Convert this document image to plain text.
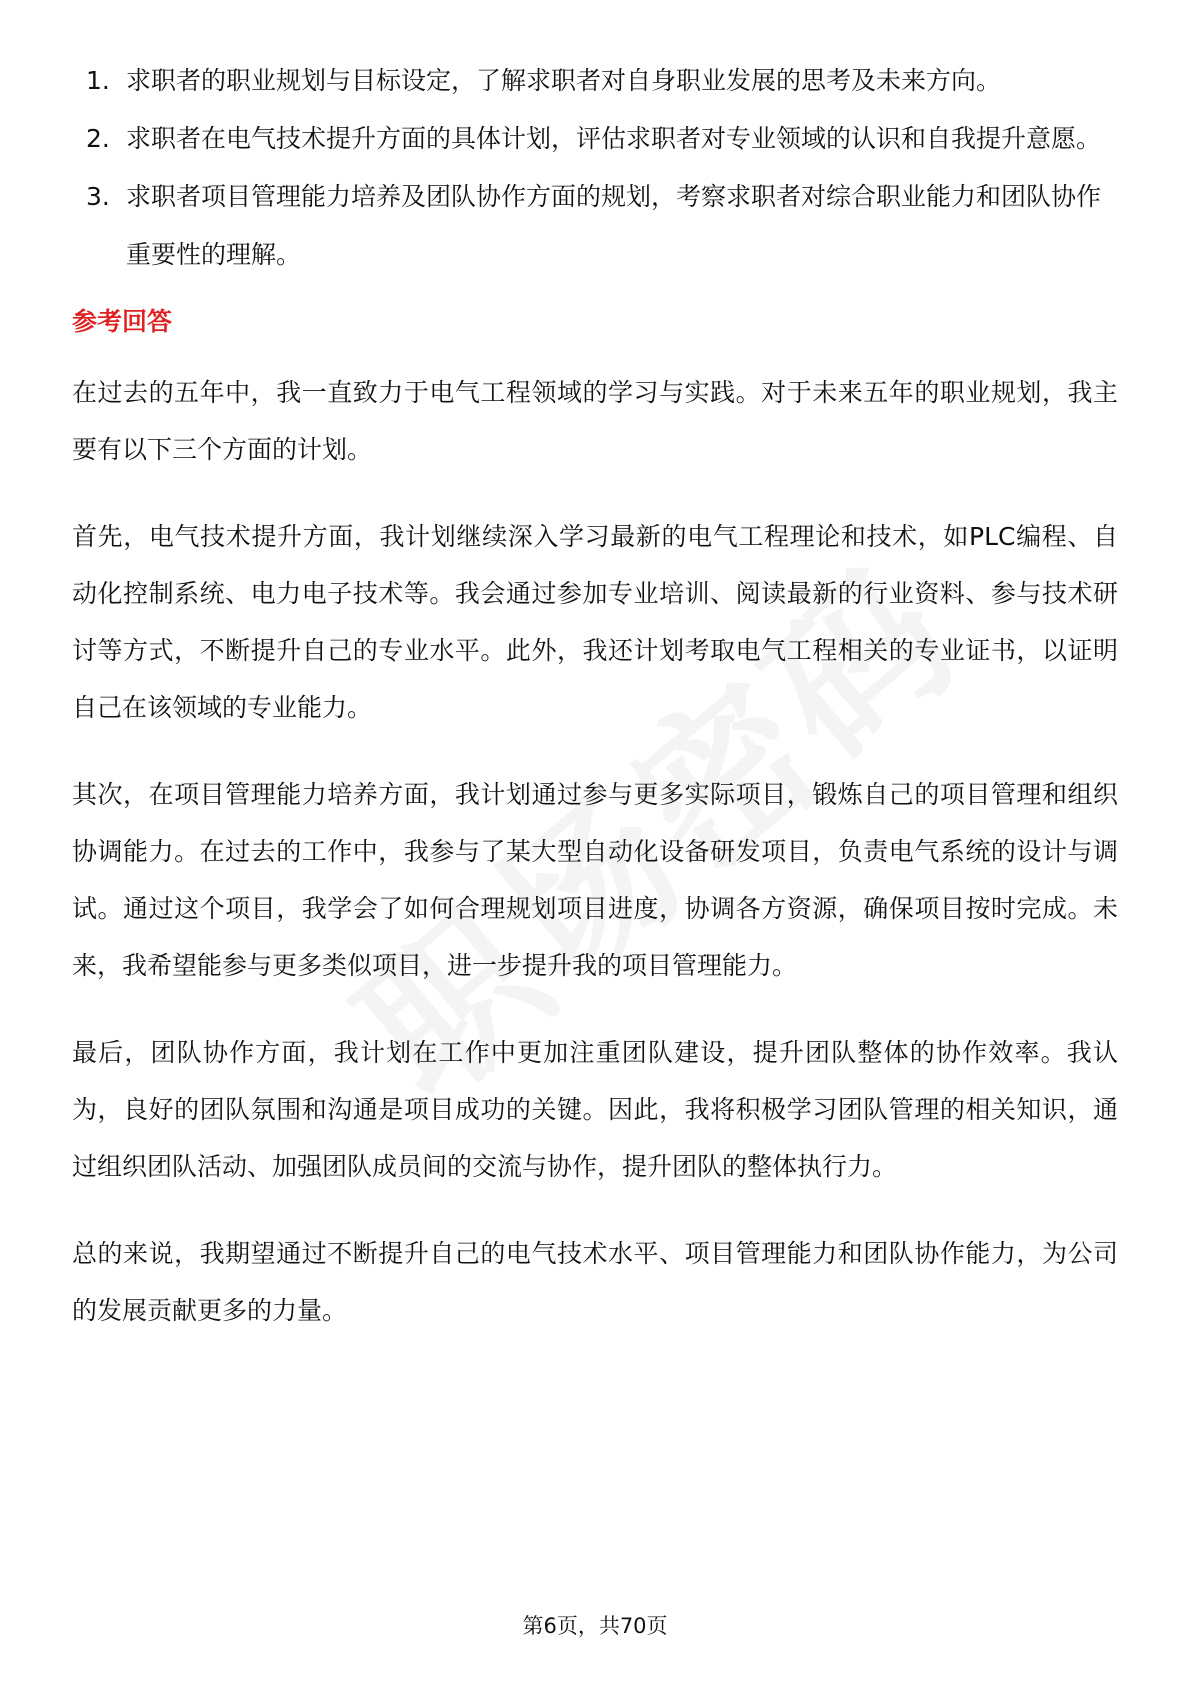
1. 求职者的职业规划与目标设定，了解求职者对自身职业发展的思考及未来方向。
2. 求职者在电气技术提升方面的具体计划，评估求职者对专业领域的认识和自我提升意愿。
3. 求职者项目管理能力培养及团队协作方面的规划，考察求职者对综合职业能力和团队协作重要性的理解。
参考回答

在过去的五年中，我一直致力于电气工程领域的学习与实践。对于未来五年的职业规划，我主要有以下三个方面的计划。

首先，电气技术提升方面，我计划继续深入学习最新的电气工程理论和技术，如PLC编程、自动化控制系统、电力电子技术等。我会通过参加专业培训、阅读最新的行业资料、参与技术研讨等方式，不断提升自己的专业水平。此外，我还计划考取电气工程相关的专业证书，以证明自己在该领域的专业能力。

其次，在项目管理能力培养方面，我计划通过参与更多实际项目，锻炼自己的项目管理和组织协调能力。在过去的工作中，我参与了某大型自动化设备研发项目，负责电气系统的设计与调试。通过这个项目，我学会了如何合理规划项目进度，协调各方资源，确保项目按时完成。未来，我希望能参与更多类似项目，进一步提升我的项目管理能力。

最后，团队协作方面，我计划在工作中更加注重团队建设，提升团队整体的协作效率。我认为，良好的团队氛围和沟通是项目成功的关键。因此，我将积极学习团队管理的相关知识，通过组织团队活动、加强团队成员间的交流与协作，提升团队的整体执行力。

总的来说，我期望通过不断提升自己的电气技术水平、项目管理能力和团队协作能力，为公司的发展贡献更多的力量。

第6页，共70页
